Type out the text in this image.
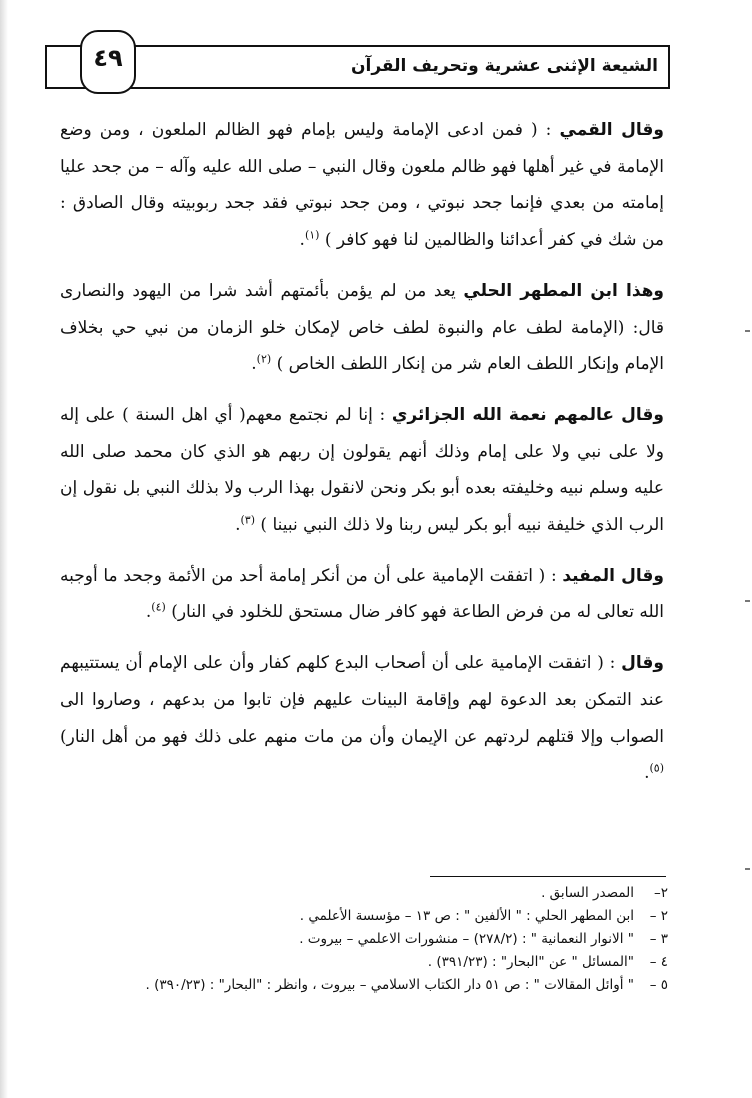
الشيعة الإثنى عشرية وتحريف القرآن
٤٩

وقال القمي : ( فمن ادعى الإمامة وليس بإمام فهو الظالم الملعون ، ومن وضع الإمامة في غير أهلها فهو ظالم ملعون وقال النبي – صلى الله عليه وآله – من جحد عليا إمامته من بعدي فإنما جحد نبوتي ، ومن جحد نبوتي فقد جحد ربوبيته وقال الصادق : من شك في كفر أعدائنا والظالمين لنا فهو كافر ) $^{(١)}$.

وهذا ابن المطهر الحلي يعد من لم يؤمن بأئمتهم أشد شرا من اليهود والنصارى قال: (الإمامة لطف عام والنبوة لطف خاص لإمكان خلو الزمان من نبي حي بخلاف الإمام وإنكار اللطف العام شر من إنكار اللطف الخاص ) $^{(٢)}$.

وقال عالمهم نعمة الله الجزائري : إنا لم نجتمع معهم( أي اهل السنة ) على إله ولا على نبي ولا على إمام وذلك أنهم يقولون إن ربهم هو الذي كان محمد صلى الله عليه وسلم نبيه وخليفته بعده أبو بكر ونحن لانقول بهذا الرب ولا بذلك النبي بل نقول إن الرب الذي خليفة نبيه أبو بكر ليس ربنا ولا ذلك النبي نبينا ) $^{(٣)}$.

وقال المفيد : ( اتفقت الإمامية على أن من أنكر إمامة أحد من الأئمة وجحد ما أوجبه الله تعالى له من فرض الطاعة فهو كافر ضال مستحق للخلود في النار) $^{(٤)}$.

وقال : ( اتفقت الإمامية على أن أصحاب البدع كلهم كفار وأن على الإمام أن يستتيبهم عند التمكن بعد الدعوة لهم وإقامة البينات عليهم فإن تابوا من بدعهم ، وصاروا الى الصواب وإلا قتلهم لردتهم عن الإيمان وأن من مات منهم على ذلك فهو من أهل النار) $^{(٥)}$.

٢–
المصدر السابق .
٢ –
ابن المطهر الحلي : " الألفين " : ص ١٣ – مؤسسة الأعلمي .
٣ –
" الانوار النعمانية " : (٢٧٨/٢) – منشورات الاعلمي – بيروت .
٤ –
"المسائل " عن "البحار" : (٣٩١/٢٣) .
٥ –
" أوائل المقالات " : ص ٥١ دار الكتاب الاسلامي – بيروت ، وانظر : "البحار" : (٣٩٠/٢٣) .
